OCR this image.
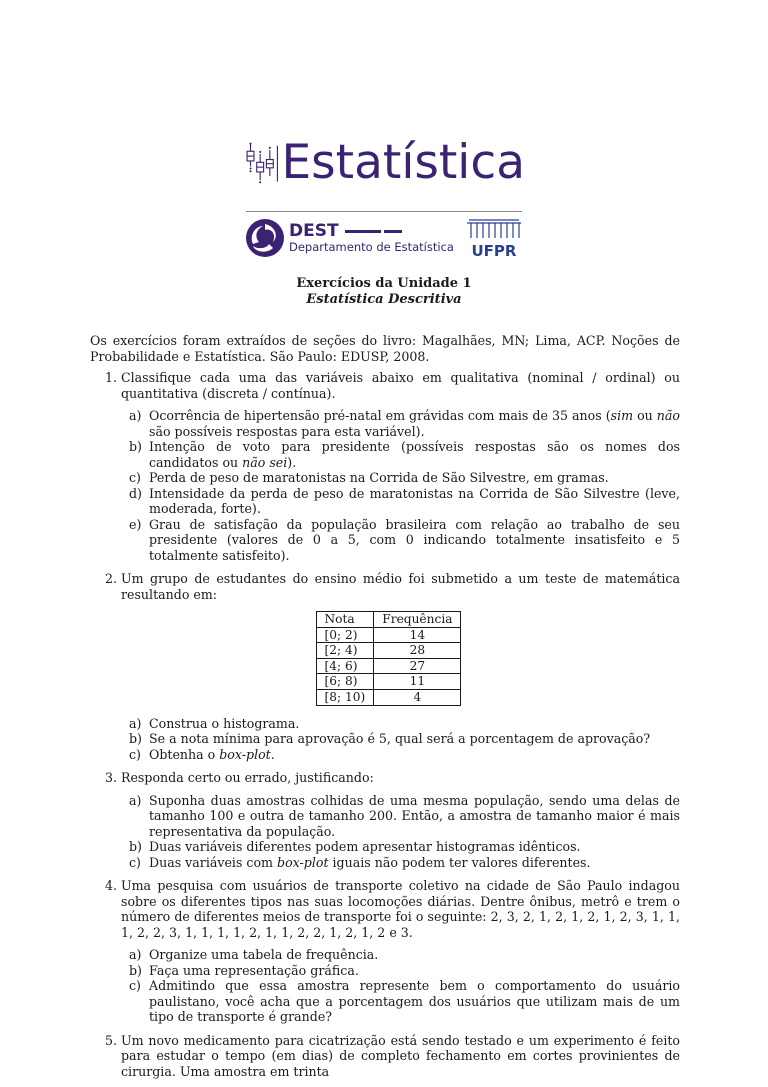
Estatística
DEST
Departamento de Estatística	UFPR
Exercícios da Unidade 1
Estatística Descritiva

Os exercícios foram extraídos de seções do livro: Magalhães, MN; Lima, ACP. Noções de Probabilidade e Estatística. São Paulo: EDUSP, 2008.

1. Classifique cada uma das variáveis abaixo em qualitativa (nominal / ordinal) ou quantitativa (discreta / contínua).
a) Ocorrência de hipertensão pré-natal em grávidas com mais de 35 anos (sim ou não são possíveis respostas para esta variável).
b) Intenção de voto para presidente (possíveis respostas são os nomes dos candidatos ou não sei).
c) Perda de peso de maratonistas na Corrida de São Silvestre, em gramas.
d) Intensidade da perda de peso de maratonistas na Corrida de São Silvestre (leve, moderada, forte).
e) Grau de satisfação da população brasileira com relação ao trabalho de seu presidente (valores de 0 a 5, com 0 indicando totalmente insatisfeito e 5 totalmente satisfeito).
2. Um grupo de estudantes do ensino médio foi submetido a um teste de matemática resultando em:
Nota	Frequência
[0; 2)	14
[2; 4)	28
[4; 6)	27
[6; 8)	11
[8; 10)	4
a) Construa o histograma.
b) Se a nota mínima para aprovação é 5, qual será a porcentagem de aprovação?
c) Obtenha o box-plot.
3. Responda certo ou errado, justificando:
a) Suponha duas amostras colhidas de uma mesma população, sendo uma delas de tamanho 100 e outra de tamanho 200. Então, a amostra de tamanho maior é mais representativa da população.
b) Duas variáveis diferentes podem apresentar histogramas idênticos.
c) Duas variáveis com box-plot iguais não podem ter valores diferentes.
4. Uma pesquisa com usuários de transporte coletivo na cidade de São Paulo indagou sobre os diferentes tipos nas suas locomoções diárias. Dentre ônibus, metrô e trem o número de diferentes meios de transporte foi o seguinte: 2, 3, 2, 1, 2, 1, 2, 1, 2, 3, 1, 1, 1, 2, 2, 3, 1, 1, 1, 1, 2, 1, 1, 2, 2, 1, 2, 1, 2 e 3.
a) Organize uma tabela de frequência.
b) Faça uma representação gráfica.
c) Admitindo que essa amostra represente bem o comportamento do usuário paulistano, você acha que a porcentagem dos usuários que utilizam mais de um tipo de transporte é grande?
5. Um novo medicamento para cicatrização está sendo testado e um experimento é feito para estudar o tempo (em dias) de completo fechamento em cortes provinientes de cirurgia. Uma amostra em trinta
